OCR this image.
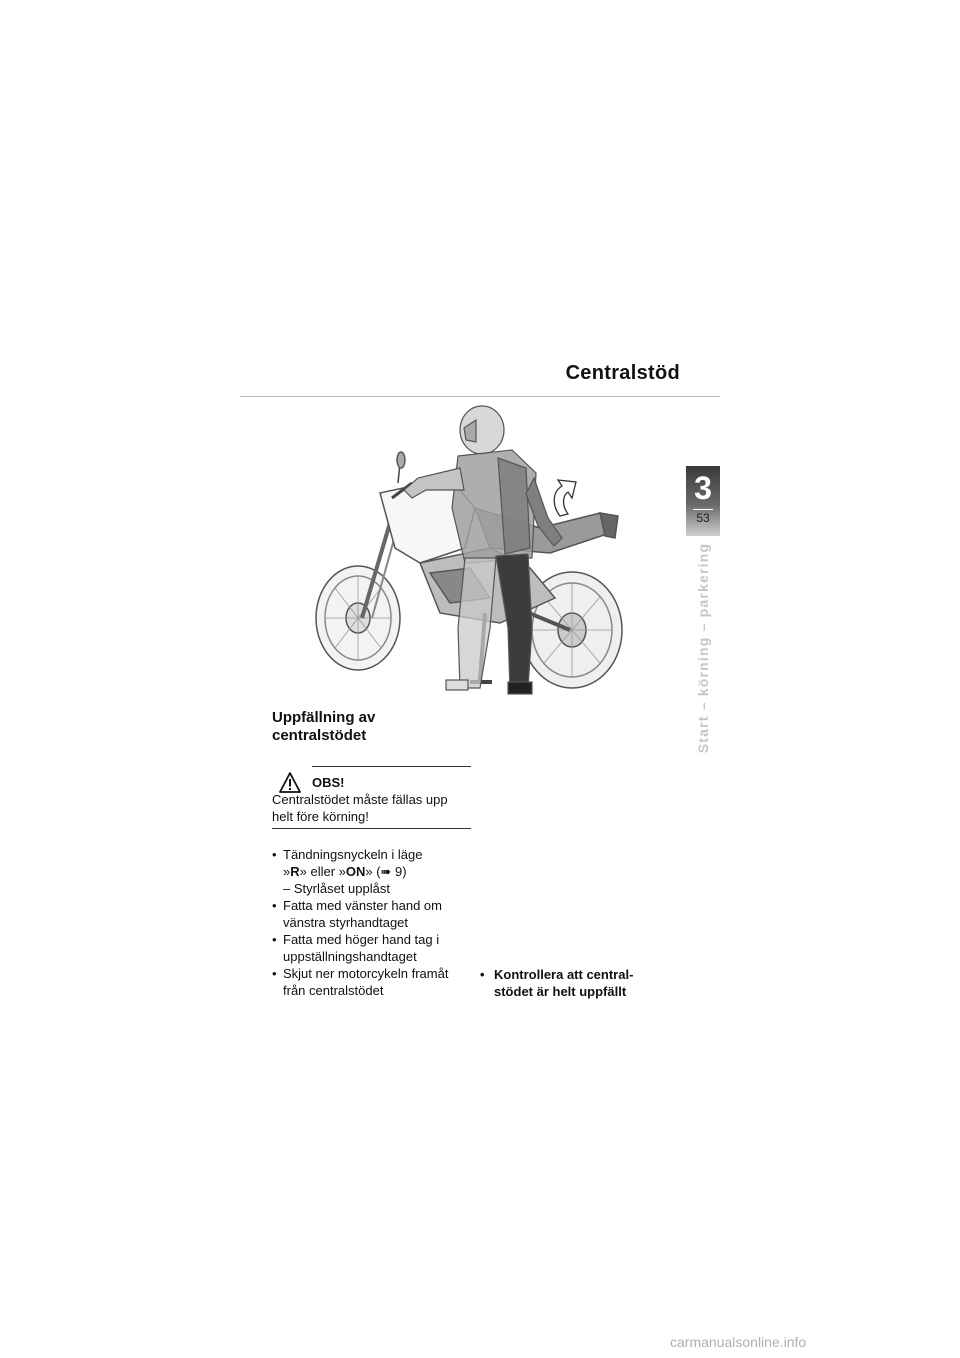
Centralstöd
3
53
Start – körning – parkering
Uppfällning av
centralstödet
OBS!
Centralstödet måste fällas upp
helt före körning!
• Tändningsnyckeln i läge
»R» eller »ON» (➠ 9)
– Styrlåset upplåst
• Fatta med vänster hand om
vänstra styrhandtaget
• Fatta med höger hand tag i
uppställningshandtaget
• Skjut ner motorcykeln framåt
från centralstödet
• Kontrollera att central-
stödet är helt uppfällt
carmanualsonline.info
